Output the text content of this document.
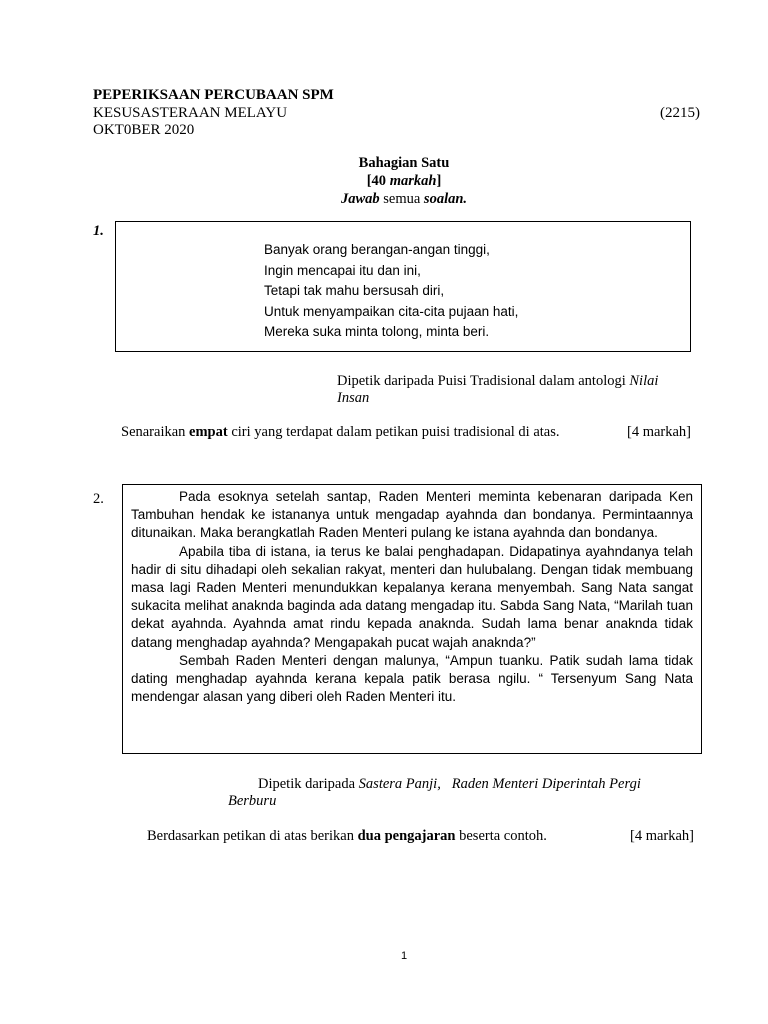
PEPERIKSAAN PERCUBAAN SPM
KESUSASTERAAN MELAYU	(2215)
OKT0BER 2020
Bahagian Satu
[40 markah]
Jawab semua soalan.
1.
Banyak orang berangan-angan tinggi,
Ingin mencapai itu dan ini,
Tetapi tak mahu bersusah diri,
Untuk menyampaikan cita-cita pujaan hati,
Mereka suka minta tolong, minta beri.
Dipetik daripada Puisi Tradisional dalam antologi Nilai
Insan
Senaraikan empat ciri yang terdapat dalam petikan puisi tradisional di atas.	[4 markah]
2.	Pada esoknya setelah santap, Raden Menteri meminta kebenaran daripada Ken Tambuhan hendak ke istananya untuk mengadap ayahnda dan bondanya. Permintaannya ditunaikan. Maka berangkatlah Raden Menteri pulang ke istana ayahnda dan bondanya.

Apabila tiba di istana, ia terus ke balai penghadapan. Didapatinya ayahndanya telah hadir di situ dihadapi oleh sekalian rakyat, menteri dan hulubalang. Dengan tidak membuang masa lagi Raden Menteri menundukkan kepalanya kerana menyembah. Sang Nata sangat sukacita melihat anaknda baginda ada datang mengadap itu. Sabda Sang Nata, “Marilah tuan dekat ayahnda. Ayahnda amat rindu kepada anaknda. Sudah lama benar anaknda tidak datang menghadap ayahnda? Mengapakah pucat wajah anaknda?”

Sembah Raden Menteri dengan malunya, “Ampun tuanku. Patik sudah lama tidak dating menghadap ayahnda kerana kepala patik berasa ngilu. “ Tersenyum Sang Nata mendengar alasan yang diberi oleh Raden Menteri itu.

Dipetik daripada Sastera Panji, Raden Menteri Diperintah Pergi
Berburu
Berdasarkan petikan di atas berikan dua pengajaran beserta contoh.	[4 markah]
1
